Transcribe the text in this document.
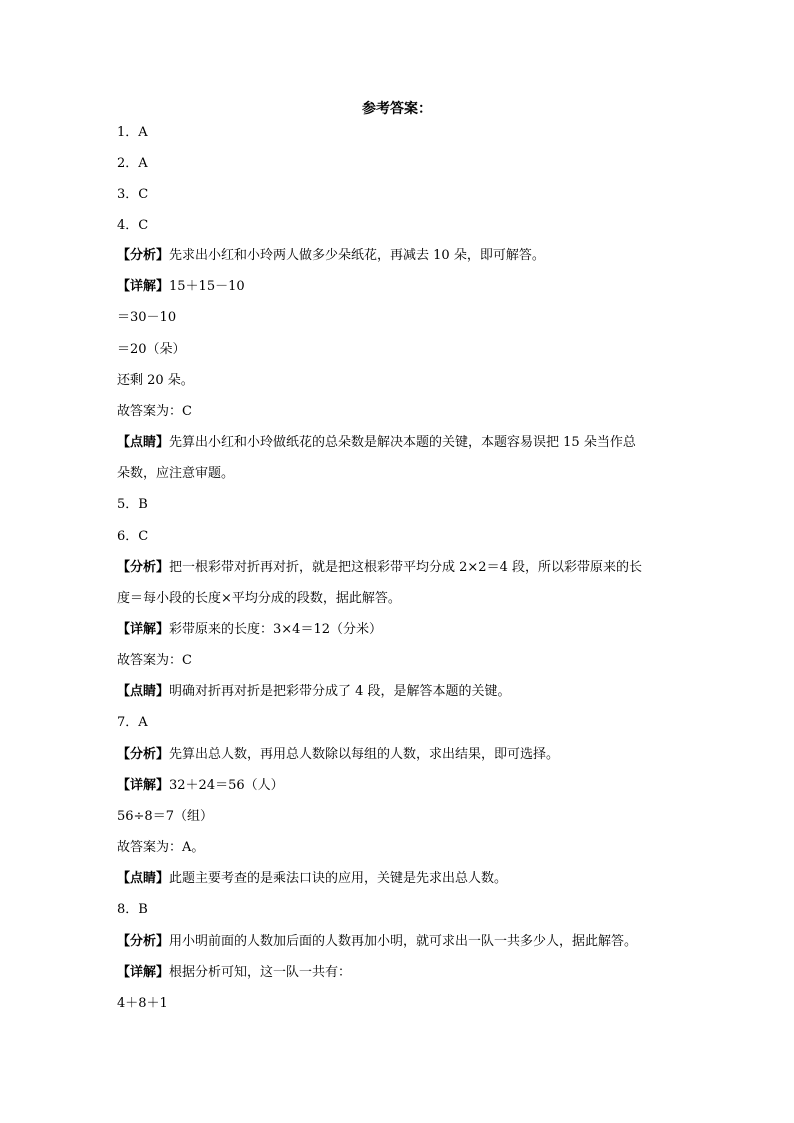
参考答案：
1．A
2．A
3．C
4．C
【分析】先求出小红和小玲两人做多少朵纸花，再减去 10 朵，即可解答。
【详解】15＋15－10
＝30－10
＝20（朵）
还剩 20 朵。
故答案为：C
【点睛】先算出小红和小玲做纸花的总朵数是解决本题的关键，本题容易误把 15 朵当作总
朵数，应注意审题。
5．B
6．C
【分析】把一根彩带对折再对折，就是把这根彩带平均分成 2×2＝4 段，所以彩带原来的长
度＝每小段的长度×平均分成的段数，据此解答。
【详解】彩带原来的长度：3×4＝12（分米）
故答案为：C
【点睛】明确对折再对折是把彩带分成了 4 段，是解答本题的关键。
7．A
【分析】先算出总人数，再用总人数除以每组的人数，求出结果，即可选择。
【详解】32＋24＝56（人）
56÷8＝7（组）
故答案为：A。
【点睛】此题主要考查的是乘法口诀的应用，关键是先求出总人数。
8．B
【分析】用小明前面的人数加后面的人数再加小明，就可求出一队一共多少人，据此解答。
【详解】根据分析可知，这一队一共有：
4＋8＋1
